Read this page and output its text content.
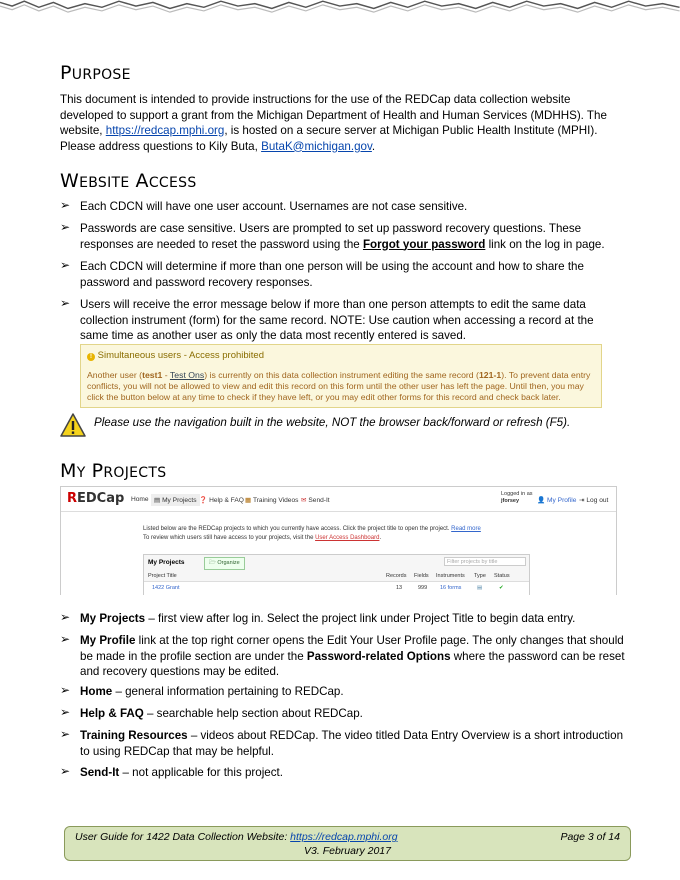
PURPOSE
This document is intended to provide instructions for the use of the REDCap data collection website developed to support a grant from the Michigan Department of Health and Human Services (MDHHS). The website, https://redcap.mphi.org, is hosted on a secure server at Michigan Public Health Institute (MPHI). Please address questions to Kily Buta, ButaK@michigan.gov.
WEBSITE ACCESS
➢ Each CDCN will have one user account. Usernames are not case sensitive.
➢ Passwords are case sensitive. Users are prompted to set up password recovery questions. These responses are needed to reset the password using the Forgot your password link on the log in page.
➢ Each CDCN will determine if more than one person will be using the account and how to share the password and password recovery responses.
➢ Users will receive the error message below if more than one person attempts to edit the same data collection instrument (form) for the same record. NOTE: Use caution when accessing a record at the same time as another user as only the data most recently entered is saved.
! Simultaneous users - Access prohibited
Another user (test1 - Test Ons) is currently on this data collection instrument editing the same record (121-1). To prevent data entry conflicts, you will not be allowed to view and edit this record on this form until the other user has left the page. Until then, you may click the button below at any time to check if they have left, or you may edit other forms for this record and check back later.
Please use the navigation built in the website, NOT the browser back/forward or refresh (F5).
MY PROJECTS
REDCap Home ▤ My Projects ❓ Help & FAQ ▦ Training Videos ✉ Send-It
Logged in as
jforsey	👤 My Profile ⇥ Log out
Listed below are the REDCap projects to which you currently have access. Click the project title to open the project. Read more
To review which users still have access to your projects, visit the User Access Dashboard.
My Projects	🗁 Organize	Filter projects by title
Project Title	Records Fields Instruments Type Status
1422 Grant	13	999 16 forms	▤	✔
➢ My Projects – first view after log in. Select the project link under Project Title to begin data entry.
➢ My Profile link at the top right corner opens the Edit Your User Profile page. The only changes that should be made in the profile section are under the Password-related Options where the password can be reset and recovery questions may be edited.
➢ Home – general information pertaining to REDCap.
➢ Help & FAQ – searchable help section about REDCap.
➢ Training Resources – videos about REDCap. The video titled Data Entry Overview is a short introduction to using REDCap that may be helpful.
➢ Send-It – not applicable for this project.
User Guide for 1422 Data Collection Website: https://redcap.mphi.org	Page 3 of 14
V3. February 2017
